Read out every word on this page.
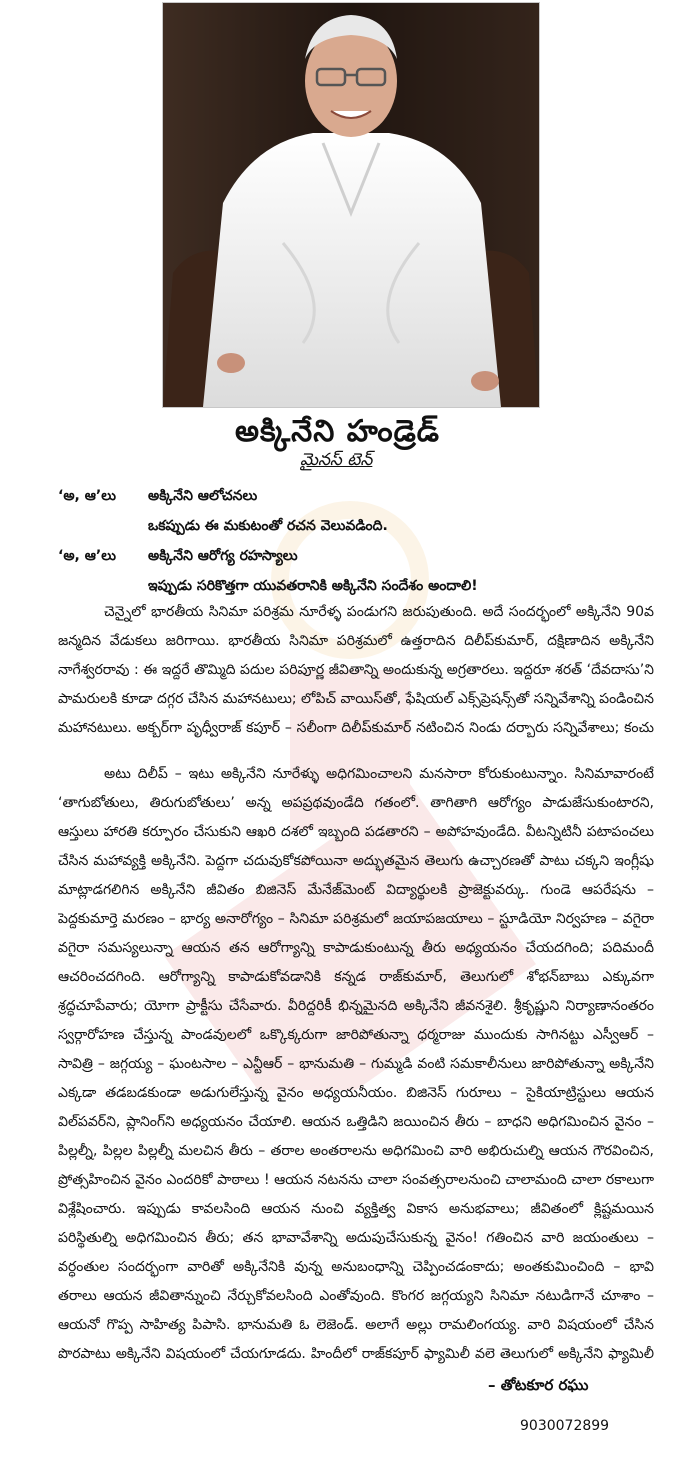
అక్కినేని హండ్రెడ్
మైనస్ టెన్
‘అ, ఆ’లు అక్కినేని ఆలోచనలు
ఒకప్పుడు ఈ మకుటంతో రచన వెలువడింది.
‘అ, ఆ’లు అక్కినేని ఆరోగ్య రహస్యాలు
ఇప్పుడు సరికొత్తగా యువతరానికి అక్కినేని సందేశం అందాలి!

చెన్నైలో భారతీయ సినిమా పరిశ్రమ నూరేళ్ళ పండుగని జరుపుతుంది. అదే సందర్భంలో అక్కినేని 90వ జన్మదిన వేడుకలు జరిగాయి. భారతీయ సినిమా పరిశ్రమలో ఉత్తరాదిన దిలీప్‌కుమార్, దక్షిణాదిన అక్కినేని నాగేశ్వరరావు : ఈ ఇద్దరే తొమ్మిది పదుల పరిపూర్ణ జీవితాన్ని అందుకున్న అగ్రతారలు. ఇద్దరూ శరత్ ‘దేవదాసు’ని పామరులకి కూడా దగ్గర చేసిన మహానటులు; లోపిచ్ వాయిస్‌తో, ఫేషియల్ ఎక్స్‌ప్రెషన్స్‌తో సన్నివేశాన్ని పండించిన మహానటులు. అక్బర్‌గా పృధ్వీరాజ్ కపూర్ – సలీంగా దిలీప్‌కుమార్ నటించిన నిండు దర్బారు సన్నివేశాలు; కంచు

అటు దిలీప్ – ఇటు అక్కినేని నూరేళ్ళు అధిగమించాలని మనసారా కోరుకుంటున్నాం. సినిమావారంటే ‘తాగుబోతులు, తిరుగుబోతులు’ అన్న అపప్రథవుండేది గతంలో. తాగితాగి ఆరోగ్యం పాడుజేసుకుంటారని, ఆస్తులు హారతి కర్పూరం చేసుకుని ఆఖరి దశలో ఇబ్బంది పడతారని – అపోహవుండేది. వీటన్నిటినీ పటాపంచలు చేసిన మహావ్యక్తి అక్కినేని. పెద్దగా చదువుకోకపోయినా అద్భుతమైన తెలుగు ఉచ్చారణతో పాటు చక్కని ఇంగ్లీషు మాట్లాడగలిగిన అక్కినేని జీవితం బిజినెస్ మేనేజ్‌మెంట్ విద్యార్థులకి ప్రాజెక్టువర్కు. గుండె ఆపరేషను – పెద్దకుమార్తె మరణం – భార్య అనారోగ్యం – సినిమా పరిశ్రమలో జయాపజయాలు – స్టూడియో నిర్వహణ – వగైరా వగైరా సమస్యలున్నా ఆయన తన ఆరోగ్యాన్ని కాపాడుకుంటున్న తీరు అధ్యయనం చేయదగింది; పదిమందీ ఆచరించదగింది. ఆరోగ్యాన్ని కాపాడుకోవడానికి కన్నడ రాజ్‌కుమార్, తెలుగులో శోభన్‌బాబు ఎక్కువగా శ్రద్ధచూపేవారు; యోగా ప్రాక్టీసు చేసేవారు. వీరిద్దరికీ భిన్నమైనది అక్కినేని జీవనశైలి. శ్రీకృష్ణుని నిర్యాణానంతరం స్వర్గారోహణ చేస్తున్న పాండవులలో ఒక్కొక్కరుగా జారిపోతున్నా ధర్మరాజు ముందుకు సాగినట్టు ఎస్వీఆర్ – సావిత్రి – జగ్గయ్య – ఘంటసాల – ఎన్టీఆర్ – భానుమతి – గుమ్మడి వంటి సమకాలీనులు జారిపోతున్నా అక్కినేని ఎక్కడా తడబడకుండా అడుగులేస్తున్న వైనం అధ్యయనీయం. బిజినెస్ గురూలు – సైకియాట్రిస్టులు ఆయన విల్‌పవర్‌ని, ప్లానింగ్‌ని అధ్యయనం చేయాలి. ఆయన ఒత్తిడిని జయించిన తీరు – బాధని అధిగమించిన వైనం – పిల్లల్నీ, పిల్లల పిల్లల్నీ మలచిన తీరు – తరాల అంతరాలను అధిగమించి వారి అభిరుచుల్ని ఆయన గౌరవించిన, ప్రోత్సహించిన వైనం ఎందరికో పాఠాలు ! ఆయన నటనను చాలా సంవత్సరాలనుంచి చాలామంది చాలా రకాలుగా విశ్లేషించారు. ఇప్పుడు కావలసింది ఆయన నుంచి వ్యక్తిత్వ వికాస అనుభవాలు; జీవితంలో క్లిష్టమయిన పరిస్థితుల్ని అధిగమించిన తీరు; తన భావావేశాన్ని అదుపుచేసుకున్న వైనం! గతించిన వారి జయంతులు – వర్ధంతుల సందర్భంగా వారితో అక్కినేనికి వున్న అనుబంధాన్ని చెప్పించడంకాదు; అంతకుమించింది – భావి తరాలు ఆయన జీవితాన్నుంచి నేర్చుకోవలసింది ఎంతోవుంది. కొంగర జగ్గయ్యని సినిమా నటుడిగానే చూశాం – ఆయనో గొప్ప సాహిత్య పిపాసి. భానుమతి ఓ లెజెండ్. అలాగే అల్లు రామలింగయ్య. వారి విషయంలో చేసిన పొరపాటు అక్కినేని విషయంలో చేయగూడదు. హిందీలో రాజ్‌కపూర్ ఫ్యామిలీ వలె తెలుగులో అక్కినేని ఫ్యామిలీ

– తోటకూర రఘు
9030072899
